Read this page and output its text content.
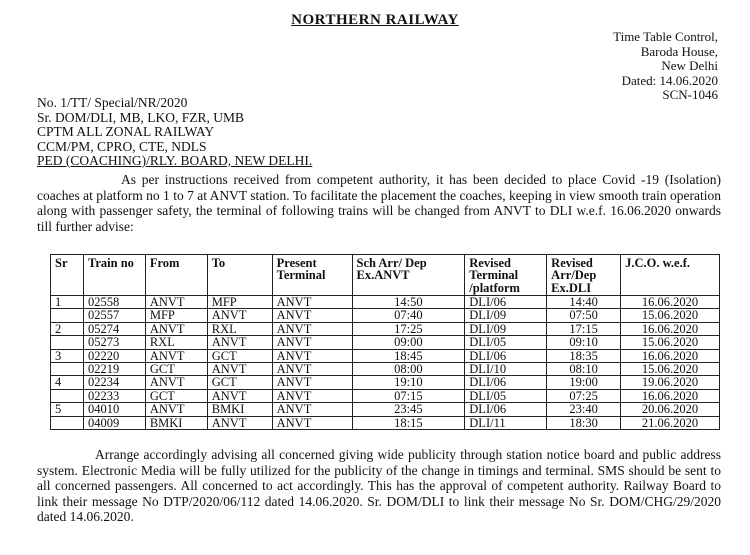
NORTHERN RAILWAY
Time Table Control,
Baroda House,
New Delhi
Dated: 14.06.2020
SCN-1046
No. 1/TT/ Special/NR/2020
Sr. DOM/DLI, MB, LKO, FZR, UMB
CPTM ALL ZONAL RAILWAY
CCM/PM, CPRO, CTE, NDLS
PED (COACHING)/RLY. BOARD, NEW DELHI.
As per instructions received from competent authority, it has been decided to place Covid -19 (Isolation) coaches at platform no 1 to 7 at ANVT station. To facilitate the placement the coaches, keeping in view smooth train operation along with passenger safety, the terminal of following trains will be changed from ANVT to DLI w.e.f. 16.06.2020 onwards till further advise:
Sr	Train no	From	To	Present Terminal	Sch Arr/ Dep Ex.ANVT	Revised Terminal /platform	Revised Arr/Dep Ex.DLI	J.C.O. w.e.f.
1	02558	ANVT	MFP	ANVT	14:50	DLI/06	14:40	16.06.2020
	02557	MFP	ANVT	ANVT	07:40	DLI/09	07:50	15.06.2020
2	05274	ANVT	RXL	ANVT	17:25	DLI/09	17:15	16.06.2020
	05273	RXL	ANVT	ANVT	09:00	DLI/05	09:10	15.06.2020
3	02220	ANVT	GCT	ANVT	18:45	DLI/06	18:35	16.06.2020
	02219	GCT	ANVT	ANVT	08:00	DLI/10	08:10	15.06.2020
4	02234	ANVT	GCT	ANVT	19:10	DLI/06	19:00	19.06.2020
	02233	GCT	ANVT	ANVT	07:15	DLI/05	07:25	16.06.2020
5	04010	ANVT	BMKI	ANVT	23:45	DLI/06	23:40	20.06.2020
	04009	BMKI	ANVT	ANVT	18:15	DLI/11	18:30	21.06.2020
Arrange accordingly advising all concerned giving wide publicity through station notice board and public address system. Electronic Media will be fully utilized for the publicity of the change in timings and terminal. SMS should be sent to all concerned passengers. All concerned to act accordingly. This has the approval of competent authority. Railway Board to link their message No DTP/2020/06/112 dated 14.06.2020. Sr. DOM/DLI to link their message No Sr. DOM/CHG/29/2020 dated 14.06.2020.
